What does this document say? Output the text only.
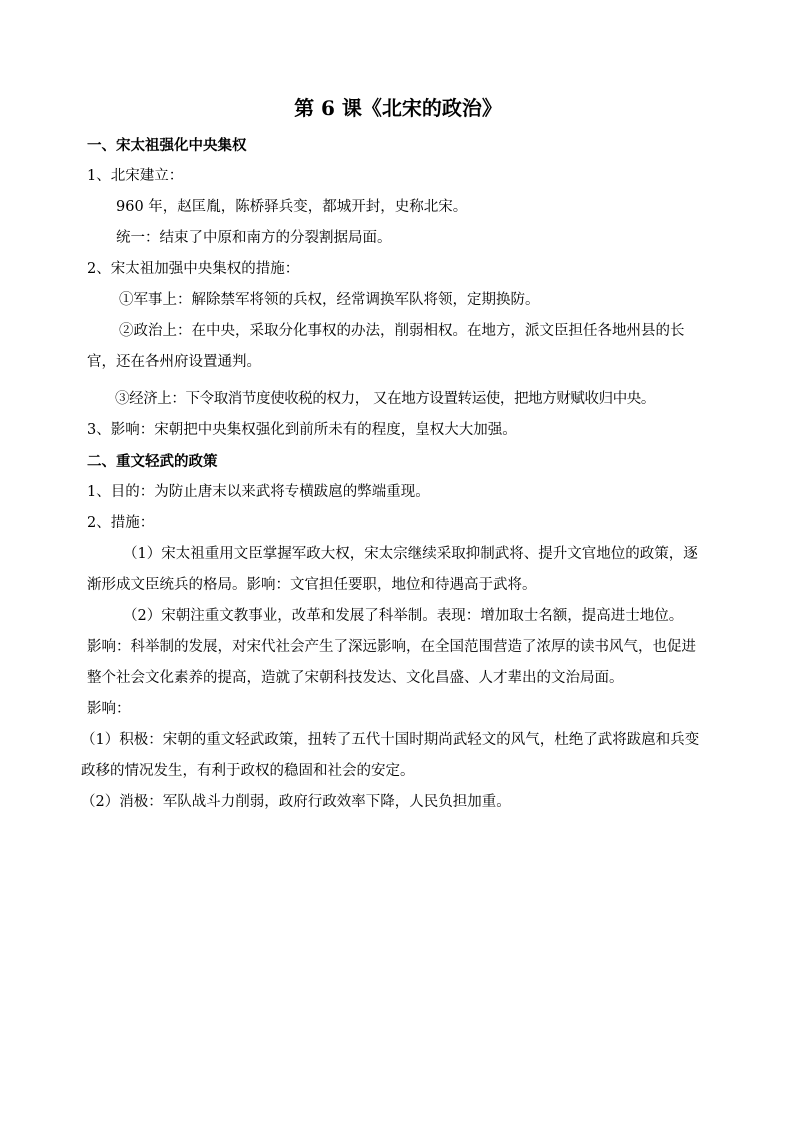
第 6 课《北宋的政治》

一、宋太祖强化中央集权

1、北宋建立：

960 年，赵匡胤，陈桥驿兵变，都城开封，史称北宋。

统一：结束了中原和南方的分裂割据局面。

2、宋太祖加强中央集权的措施：

①军事上：解除禁军将领的兵权，经常调换军队将领，定期换防。

②政治上：在中央，采取分化事权的办法，削弱相权。在地方，派文臣担任各地州县的长官，还在各州府设置通判。

③经济上：下令取消节度使收税的权力， 又在地方设置转运使，把地方财赋收归中央。

3、影响：宋朝把中央集权强化到前所未有的程度，皇权大大加强。

二、重文轻武的政策

1、目的：为防止唐末以来武将专横跋扈的弊端重现。

2、措施：

（1）宋太祖重用文臣掌握军政大权，宋太宗继续采取抑制武将、提升文官地位的政策，逐渐形成文臣统兵的格局。影响：文官担任要职，地位和待遇高于武将。

（2）宋朝注重文教事业，改革和发展了科举制。表现：增加取士名额，提高进士地位。

影响：科举制的发展，对宋代社会产生了深远影响，在全国范围营造了浓厚的读书风气，也促进整个社会文化素养的提高，造就了宋朝科技发达、文化昌盛、人才辈出的文治局面。

影响：

（1）积极：宋朝的重文轻武政策，扭转了五代十国时期尚武轻文的风气，杜绝了武将跋扈和兵变政移的情况发生，有利于政权的稳固和社会的安定。

（2）消极：军队战斗力削弱，政府行政效率下降，人民负担加重。
